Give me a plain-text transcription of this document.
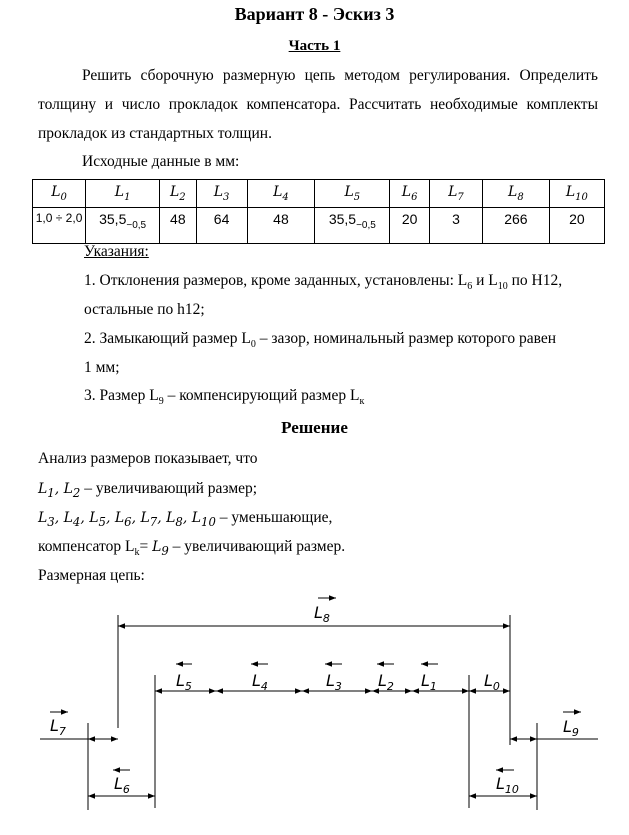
Вариант 8 - Эскиз 3
Часть 1
Решить сборочную размерную цепь методом регулирования. Определить толщину и число прокладок компенсатора. Рассчитать необходимые комплекты прокладок из стандартных толщин.
Исходные данные в мм:
$L_0$	$L_1$	$L_2$	$L_3$	$L_4$	$L_5$	$L_6$	$L_7$	$L_8$	$L_{10}$
1,0 ÷ 2,0	$35,5_{-0,5}$	48	64	48	$35,5_{-0,5}$	20	3	266	20
Указания:
1. Отклонения размеров, кроме заданных, установлены: $L_6$ и $L_{10}$ по H12,
остальные по h12;
2. Замыкающий размер $L_0$ – зазор, номинальный размер которого равен
1 мм;
3. Размер $L_9$ – компенсирующий размер $L_к$
Решение
Анализ размеров показывает, что
$L_1$, $L_2$ – увеличивающий размер;
$L_3$, $L_4$, $L_5$, $L_6$, $L_7$, $L_8$, $L_{10}$ – уменьшающие,
компенсатор $L_k= L_9$ – увеличивающий размер.
Размерная цепь:
$L_8$
$L_5$	$L_4$	$L_3$ $L_2$ $L_1$	$L_0$
$L_7$	$L_9$
$L_6$	$L_{10}$
